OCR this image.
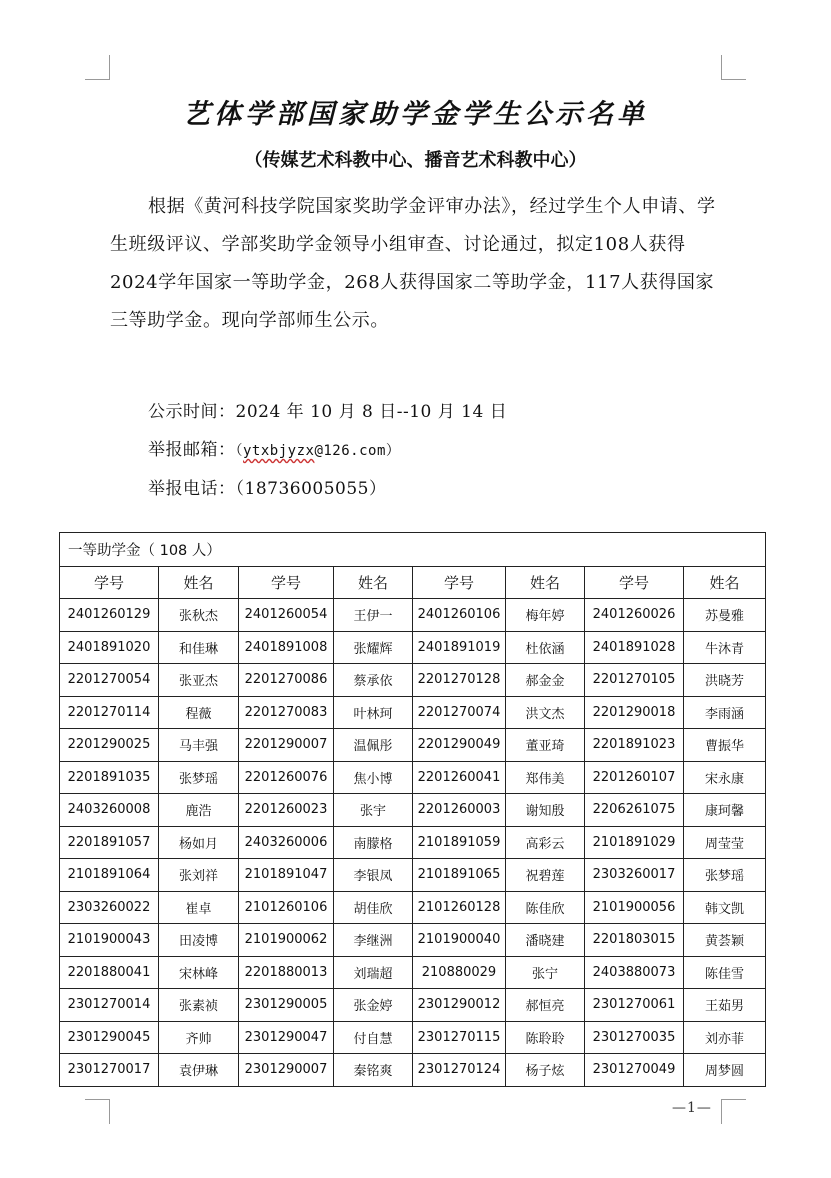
艺体学部国家助学金学生公示名单
（传媒艺术科教中心、播音艺术科教中心）

根据《黄河科技学院国家奖助学金评审办法》，经过学生个人申请、学生班级评议、学部奖助学金领导小组审查、讨论通过，拟定108人获得2024学年国家一等助学金，268人获得国家二等助学金，117人获得国家三等助学金。现向学部师生公示。

公示时间：2024 年 10 月 8 日--10 月 14 日
举报邮箱：（ytxbjyzx@126.com）
举报电话：（18736005055）
一等助学金（ 108 人）							
学号	姓名	学号	姓名	学号	姓名	学号	姓名
2401260129	张秋杰	2401260054	王伊一	2401260106	梅年婷	2401260026	苏曼雅
2401891020	和佳琳	2401891008	张耀辉	2401891019	杜依涵	2401891028	牛沐青
2201270054	张亚杰	2201270086	蔡承依	2201270128	郝金金	2201270105	洪晓芳
2201270114	程薇	2201270083	叶林珂	2201270074	洪文杰	2201290018	李雨涵
2201290025	马丰强	2201290007	温佩彤	2201290049	董亚琦	2201891023	曹振华
2201891035	张梦瑶	2201260076	焦小博	2201260041	郑伟美	2201260107	宋永康
2403260008	鹿浩	2201260023	张宇	2201260003	谢知殷	2206261075	康珂馨
2201891057	杨如月	2403260006	南朦格	2101891059	高彩云	2101891029	周莹莹
2101891064	张刘祥	2101891047	李银凤	2101891065	祝碧莲	2303260017	张梦瑶
2303260022	崔卓	2101260106	胡佳欣	2101260128	陈佳欣	2101900056	韩文凯
2101900043	田凌博	2101900062	李继洲	2101900040	潘晓建	2201803015	黄荟颖
2201880041	宋林峰	2201880013	刘瑞超	210880029	张宁	2403880073	陈佳雪
2301270014	张素祯	2301290005	张金婷	2301290012	郝恒亮	2301270061	王茹男
2301290045	齐帅	2301290047	付自慧	2301270115	陈聆聆	2301270035	刘亦菲
2301270017	袁伊琳	2301290007	秦铭爽	2301270124	杨子炫	2301270049	周梦圆
—1—
